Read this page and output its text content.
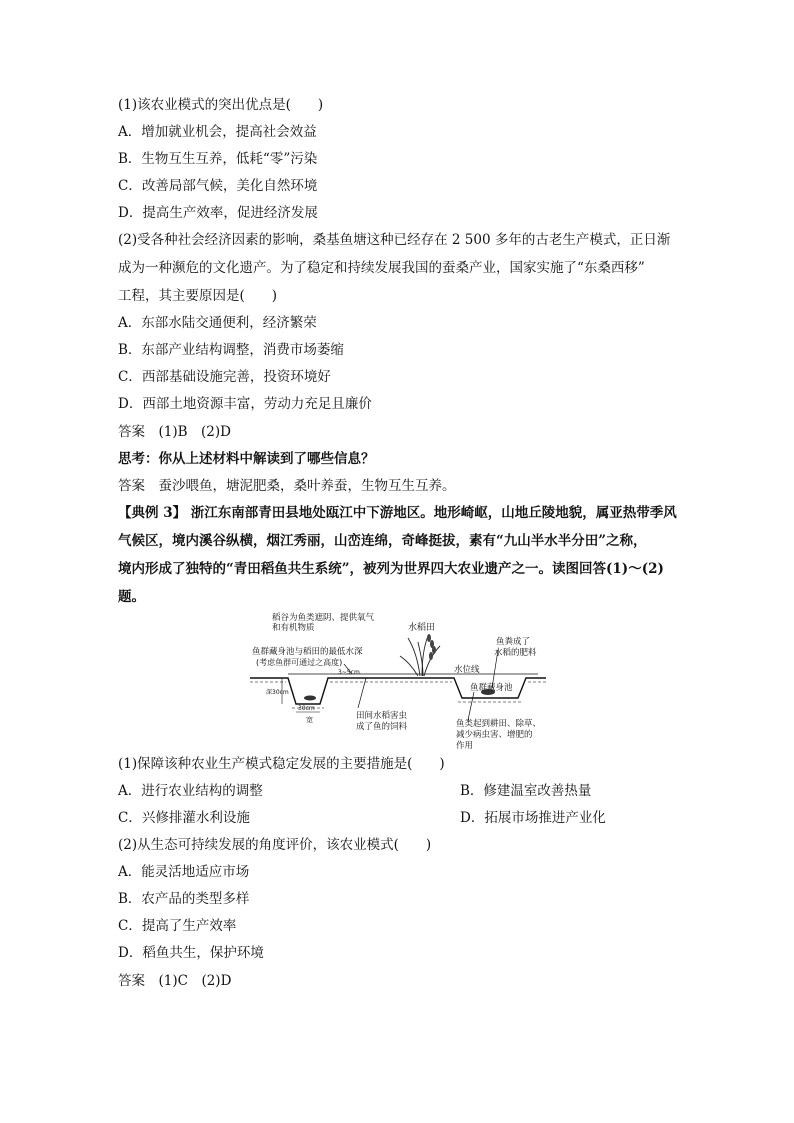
(1)该农业模式的突出优点是(　　)
A．增加就业机会，提高社会效益
B．生物互生互养，低耗“零”污染
C．改善局部气候，美化自然环境
D．提高生产效率，促进经济发展
(2)受各种社会经济因素的影响，桑基鱼塘这种已经存在 2 500 多年的古老生产模式，正日渐
成为一种濒危的文化遗产。为了稳定和持续发展我国的蚕桑产业，国家实施了“东桑西移”
工程，其主要原因是(　　)
A．东部水陆交通便利，经济繁荣
B．东部产业结构调整，消费市场萎缩
C．西部基础设施完善，投资环境好
D．西部土地资源丰富，劳动力充足且廉价
答案　(1)B　(2)D
思考：你从上述材料中解读到了哪些信息？
答案　蚕沙喂鱼，塘泥肥桑，桑叶养蚕，生物互生互养。
【典例 3】 浙江东南部青田县地处瓯江中下游地区。地形崎岖，山地丘陵地貌，属亚热带季风
气候区，境内溪谷纵横，烟江秀丽，山峦连绵，奇峰挺拔，素有“九山半水半分田”之称，
境内形成了独特的“青田稻鱼共生系统”，被列为世界四大农业遗产之一。读图回答(1)～(2)
题。
稻谷为鱼类遮阴、提供氧气
和有机物质	水稻田
鱼粪成了
水稻的肥料
鱼群藏身池与稻田的最低水深
(考虑鱼群可通过之高度)
水位线
鱼群藏身池
3~5cm
深30cm
30cm
宽	田间水稻害虫
成了鱼的饲料	鱼类起到耕田、除草、
减少病虫害、增肥的
作用
(1)保障该种农业生产模式稳定发展的主要措施是(　　)
A．进行农业结构的调整	B．修建温室改善热量
C．兴修排灌水利设施	D．拓展市场推进产业化
(2)从生态可持续发展的角度评价，该农业模式(　　)
A．能灵活地适应市场
B．农产品的类型多样
C．提高了生产效率
D．稻鱼共生，保护环境
答案　(1)C　(2)D
